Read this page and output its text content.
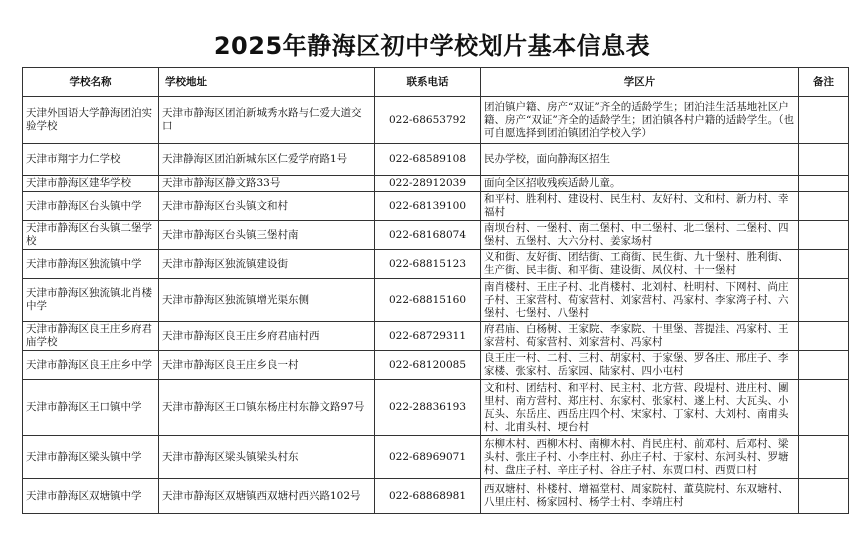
2025年静海区初中学校划片基本信息表
学校名称	学校地址	联系电话	学区片	备注
天津外国语大学静海团泊实验学校	天津市静海区团泊新城秀水路与仁爱大道交口	022-68653792	团泊镇户籍、房产“双证”齐全的适龄学生；团泊洼生活基地社区户籍、房产“双证”齐全的适龄学生；团泊镇各村户籍的适龄学生。（也可自愿选择到团泊镇团泊学校入学）	
天津市翔宇力仁学校	天津静海区团泊新城东区仁爱学府路1号	022-68589108	民办学校，面向静海区招生	
天津市静海区建华学校	天津市静海区静文路33号	022-28912039	面向全区招收残疾适龄儿童。	
天津市静海区台头镇中学	天津市静海区台头镇文和村	022-68139100	和平村、胜利村、建设村、民生村、友好村、文和村、新力村、幸福村	
天津市静海区台头镇二堡学校	天津市静海区台头镇三堡村南	022-68168074	南坝台村、一堡村、南二堡村、中二堡村、北二堡村、二堡村、四堡村、五堡村、大六分村、姜家场村	
天津市静海区独流镇中学	天津市静海区独流镇建设街	022-68815123	义和街、友好街、团结街、工商街、民生街、九十堡村、胜利街、生产街、民丰街、和平街、建设街、凤仪村、十一堡村	
天津市静海区独流镇北肖楼中学	天津市静海区独流镇增光渠东侧	022-68815160	南肖楼村、王庄子村、北肖楼村、北刘村、杜明村、下网村、尚庄子村、王家营村、荀家营村、刘家营村、冯家村、李家湾子村、六堡村、七堡村、八堡村	
天津市静海区良王庄乡府君庙学校	天津市静海区良王庄乡府君庙村西	022-68729311	府君庙、白杨树、王家院、李家院、十里堡、菩提洼、冯家村、王家营村、荀家营村、刘家营村、冯家村	
天津市静海区良王庄乡中学	天津市静海区良王庄乡良一村	022-68120085	良王庄一村、二村、三村、胡家村、于家堡、罗各庄、邢庄子、李家楼、张家村、岳家园、陆家村、四小屯村	
天津市静海区王口镇中学	天津市静海区王口镇东杨庄村东静文路97号	022-28836193	文和村、团结村、和平村、民主村、北方营、段堤村、进庄村、團里村、南方营村、郑庄村、东家村、张家村、遂上村、大瓦头、小瓦头、东岳庄、西岳庄四个村、宋家村、丁家村、大刘村、南甫头村、北甫头村、埂台村	
天津市静海区梁头镇中学	天津市静海区梁头镇梁头村东	022-68969071	东柳木村、西柳木村、南柳木村、肖民庄村、前邓村、后邓村、梁头村、张庄子村、小李庄村、孙庄子村、于家村、东河头村、罗塘村、盘庄子村、辛庄子村、谷庄子村、东贾口村、西贾口村	
天津市静海区双塘镇中学	天津市静海区双塘镇西双塘村西兴路102号	022-68868981	西双塘村、朴楼村、增福堂村、周家院村、董莫院村、东双塘村、八里庄村、杨家园村、杨学士村、李靖庄村	
